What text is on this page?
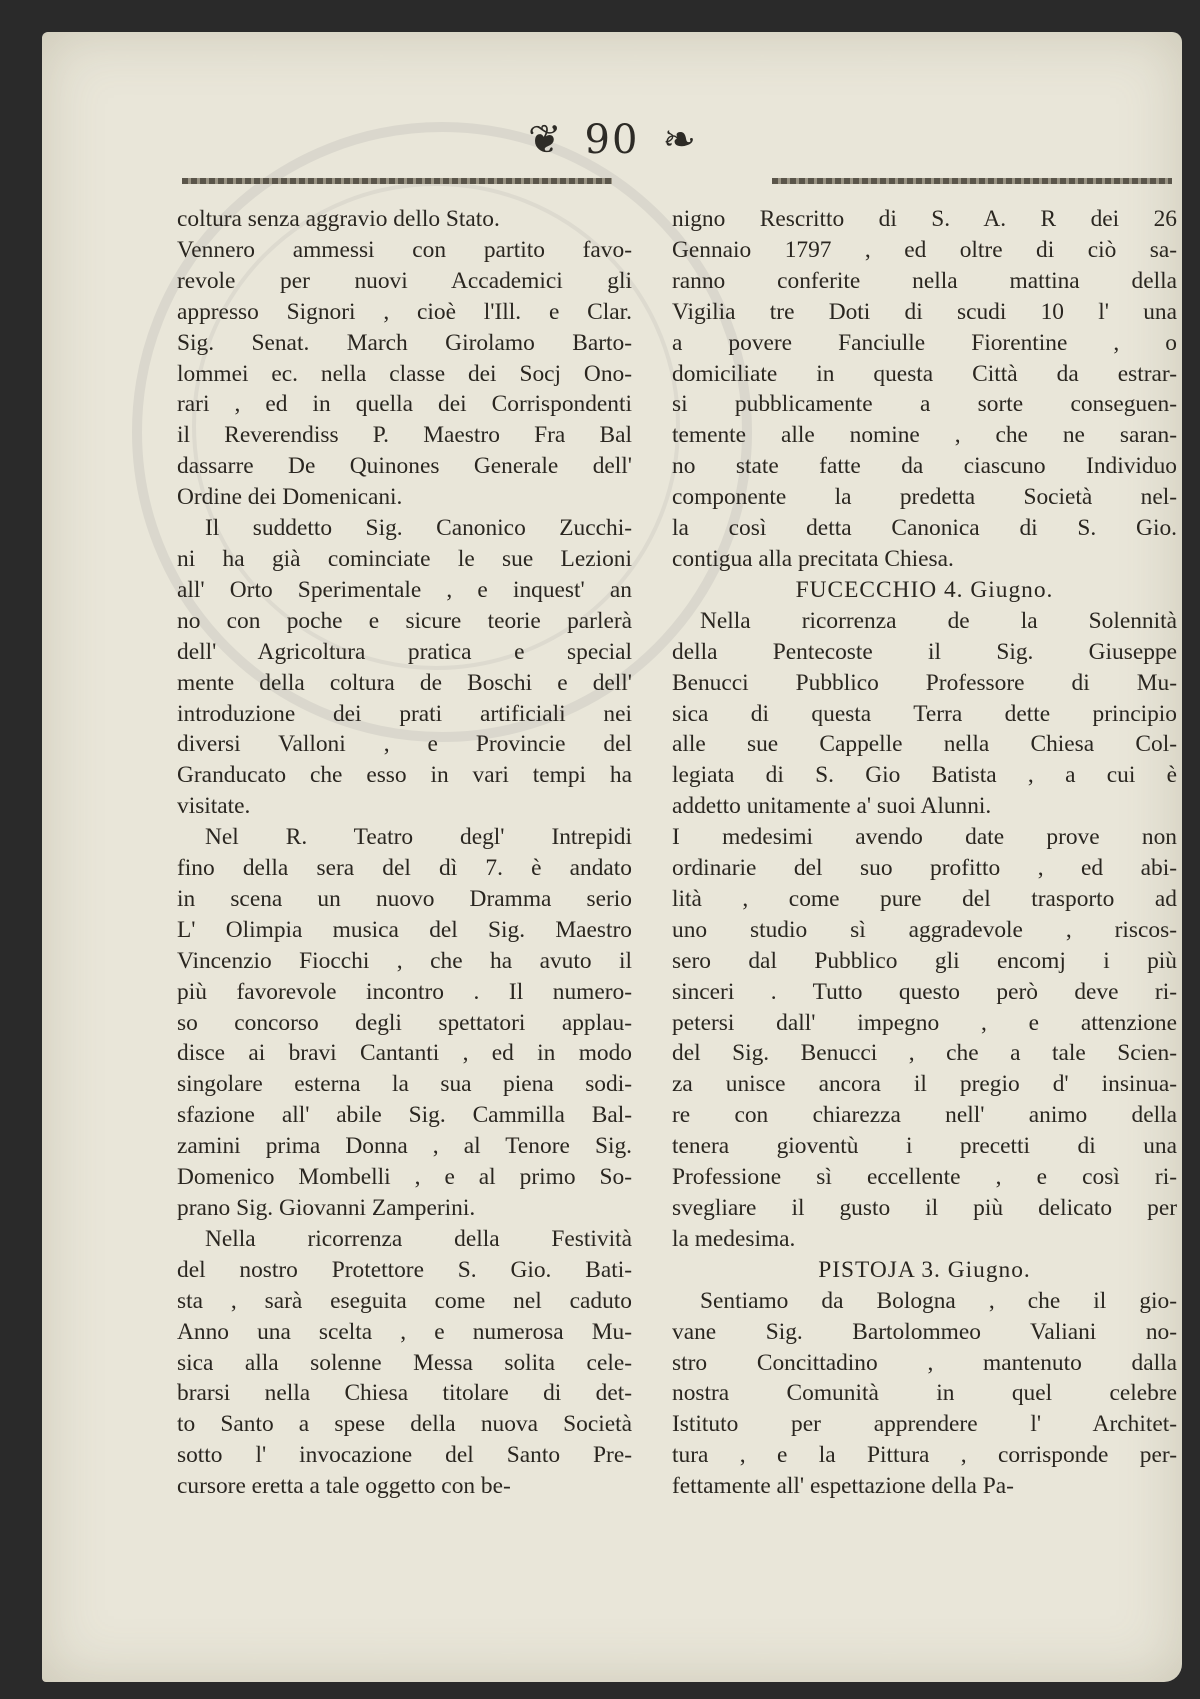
❦ 90 ❧
coltura senza aggravio dello Stato.
Vennero ammessi con partito favo-
revole per nuovi Accademici gli
appresso Signori , cioè l'Ill. e Clar.
Sig. Senat. March Girolamo Barto-
lommei ec. nella classe dei Socj Ono-
rari , ed in quella dei Corrispondenti
il Reverendiss P. Maestro Fra Bal
dassarre De Quinones Generale dell'
Ordine dei Domenicani.
Il suddetto Sig. Canonico Zucchi-
ni ha già cominciate le sue Lezioni
all' Orto Sperimentale , e inquest' an
no con poche e sicure teorie parlerà
dell' Agricoltura pratica e special
mente della coltura de Boschi e dell'
introduzione dei prati artificiali nei
diversi Valloni , e Provincie del
Granducato che esso in vari tempi ha
visitate.
Nel R. Teatro degl' Intrepidi
fino della sera del dì 7. è andato
in scena un nuovo Dramma serio
L' Olimpia musica del Sig. Maestro
Vincenzio Fiocchi , che ha avuto il
più favorevole incontro . Il numero-
so concorso degli spettatori applau-
disce ai bravi Cantanti , ed in modo
singolare esterna la sua piena sodi-
sfazione all' abile Sig. Cammilla Bal-
zamini prima Donna , al Tenore Sig.
Domenico Mombelli , e al primo So-
prano Sig. Giovanni Zamperini.
Nella ricorrenza della Festività
del nostro Protettore S. Gio. Bati-
sta , sarà eseguita come nel caduto
Anno una scelta , e numerosa Mu-
sica alla solenne Messa solita cele-
brarsi nella Chiesa titolare di det-
to Santo a spese della nuova Società
sotto l' invocazione del Santo Pre-
cursore eretta a tale oggetto con be-
nigno Rescritto di S. A. R dei 26
Gennaio 1797 , ed oltre di ciò sa-
ranno conferite nella mattina della
Vigilia tre Doti di scudi 10 l' una
a povere Fanciulle Fiorentine , o
domiciliate in questa Città da estrar-
si pubblicamente a sorte conseguen-
temente alle nomine , che ne saran-
no state fatte da ciascuno Individuo
componente la predetta Società nel-
la così detta Canonica di S. Gio.
contigua alla precitata Chiesa.
FUCECCHIO 4. Giugno.
Nella ricorrenza de la Solennità
della Pentecoste il Sig. Giuseppe
Benucci Pubblico Professore di Mu-
sica di questa Terra dette principio
alle sue Cappelle nella Chiesa Col-
legiata di S. Gio Batista , a cui è
addetto unitamente a' suoi Alunni.
I medesimi avendo date prove non
ordinarie del suo profitto , ed abi-
lità , come pure del trasporto ad
uno studio sì aggradevole , riscos-
sero dal Pubblico gli encomj i più
sinceri . Tutto questo però deve ri-
petersi dall' impegno , e attenzione
del Sig. Benucci , che a tale Scien-
za unisce ancora il pregio d' insinua-
re con chiarezza nell' animo della
tenera gioventù i precetti di una
Professione sì eccellente , e così ri-
svegliare il gusto il più delicato per
la medesima.
PISTOJA 3. Giugno.
Sentiamo da Bologna , che il gio-
vane Sig. Bartolommeo Valiani no-
stro Concittadino , mantenuto dalla
nostra Comunità in quel celebre
Istituto per apprendere l' Architet-
tura , e la Pittura , corrisponde per-
fettamente all' espettazione della Pa-
